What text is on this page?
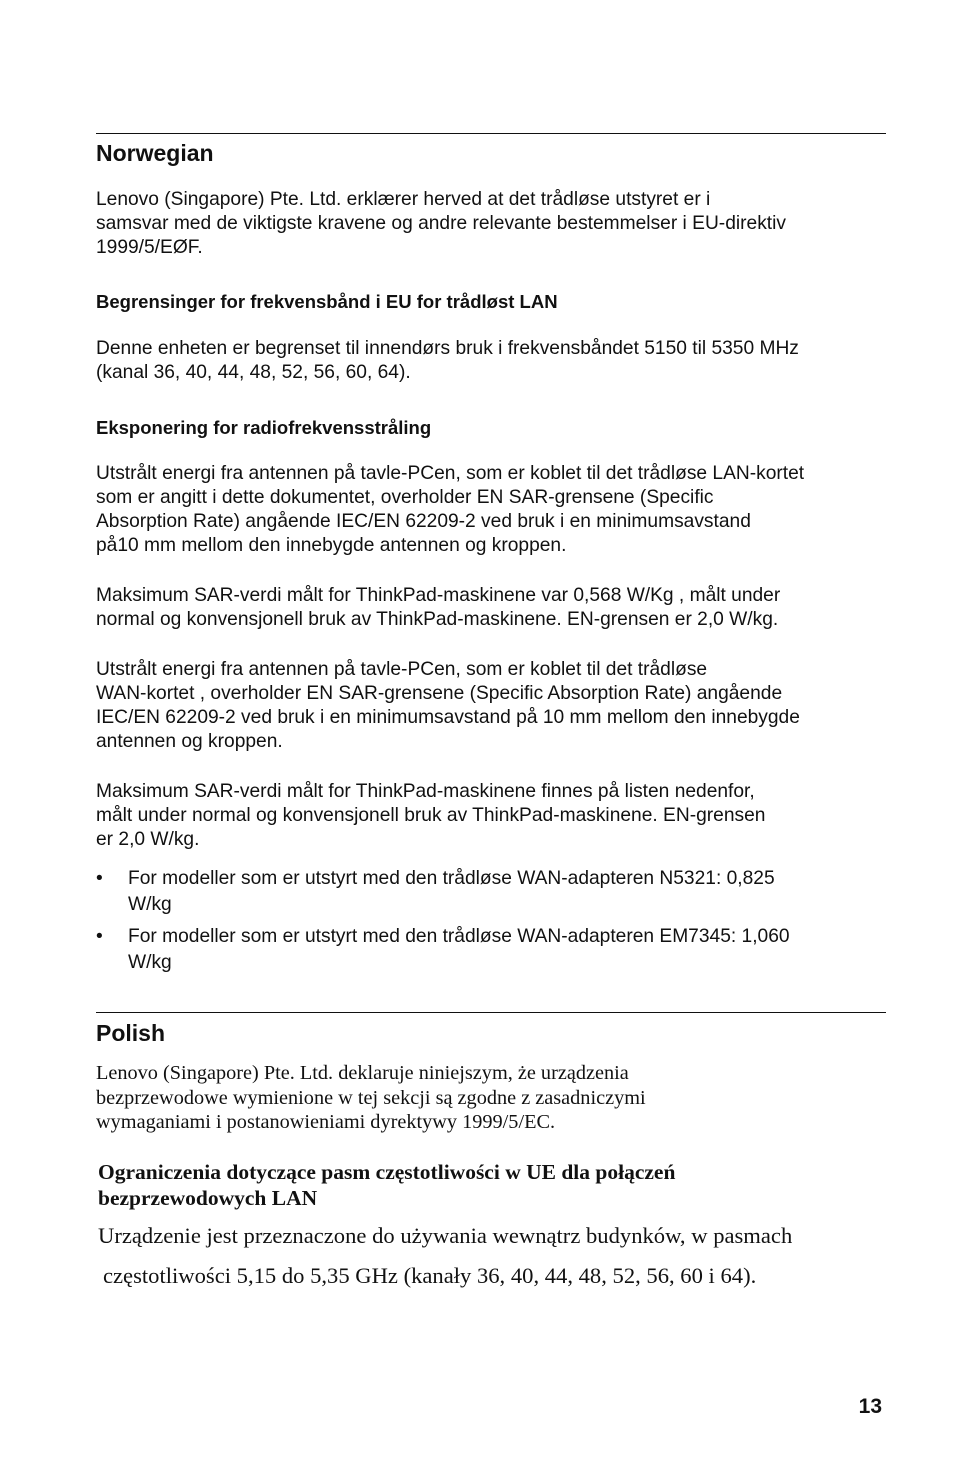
Norwegian

Lenovo (Singapore) Pte. Ltd. erklærer herved at det trådløse utstyret er i
samsvar med de viktigste kravene og andre relevante bestemmelser i EU-direktiv
1999/5/EØF.

Begrensinger for frekvensbånd i EU for trådløst LAN

Denne enheten er begrenset til innendørs bruk i frekvensbåndet 5150 til 5350 MHz
(kanal 36, 40, 44, 48, 52, 56, 60, 64).

Eksponering for radiofrekvensstråling

Utstrålt energi fra antennen på tavle-PCen, som er koblet til det trådløse LAN-kortet
som er angitt i dette dokumentet, overholder EN SAR-grensene (Specific
Absorption Rate) angående IEC/EN 62209-2 ved bruk i en minimumsavstand
på10 mm mellom den innebygde antennen og kroppen.

Maksimum SAR-verdi målt for ThinkPad-maskinene var 0,568 W/Kg , målt under
normal og konvensjonell bruk av ThinkPad-maskinene. EN-grensen er 2,0 W/kg.

Utstrålt energi fra antennen på tavle-PCen, som er koblet til det trådløse
WAN-kortet , overholder EN SAR-grensene (Specific Absorption Rate) angående
IEC/EN 62209-2 ved bruk i en minimumsavstand på 10 mm mellom den innebygde
antennen og kroppen.

Maksimum SAR-verdi målt for ThinkPad-maskinene finnes på listen nedenfor,
målt under normal og konvensjonell bruk av ThinkPad-maskinene. EN-grensen
er 2,0 W/kg.

•	For modeller som er utstyrt med den trådløse WAN-adapteren N5321: 0,825
W/kg
•	For modeller som er utstyrt med den trådløse WAN-adapteren EM7345: 1,060
W/kg
Polish

Lenovo (Singapore) Pte. Ltd. deklaruje niniejszym, że urządzenia
bezprzewodowe wymienione w tej sekcji są zgodne z zasadniczymi
wymaganiami i postanowieniami dyrektywy 1999/5/EC.

Ograniczenia dotyczące pasm częstotliwości w UE dla połączeń
bezprzewodowych LAN

Urządzenie jest przeznaczone do używania wewnątrz budynków, w pasmach
częstotliwości 5,15 do 5,35 GHz (kanały 36, 40, 44, 48, 52, 56, 60 i 64).

13
